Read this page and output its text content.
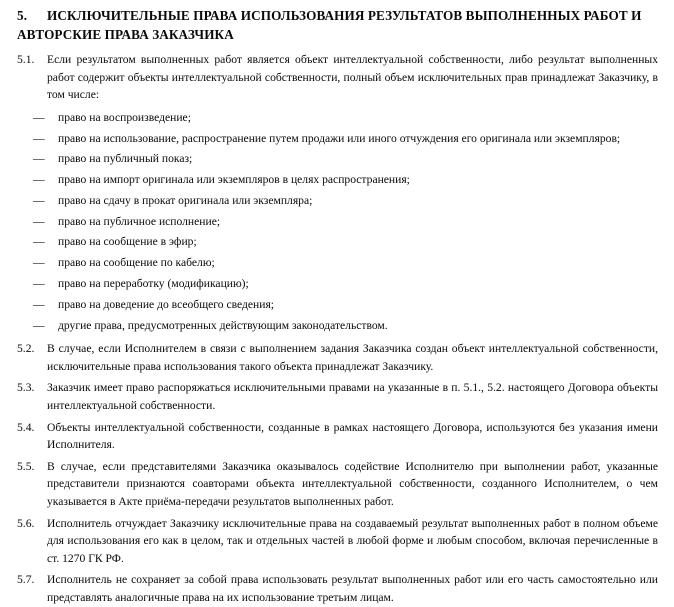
5. ИСКЛЮЧИТЕЛЬНЫЕ ПРАВА ИСПОЛЬЗОВАНИЯ РЕЗУЛЬТАТОВ ВЫПОЛНЕННЫХ РАБОТ И АВТОРСКИЕ ПРАВА ЗАКАЗЧИКА
5.1.	Если результатом выполненных работ является объект интеллектуальной собственности, либо результат выполненных работ содержит объекты интеллектуальной собственности, полный объем исключительных прав принадлежат Заказчику, в том числе:
—	право на воспроизведение;
—	право на использование, распространение путем продажи или иного отчуждения его оригинала или экземпляров;
—	право на публичный показ;
—	право на импорт оригинала или экземпляров в целях распространения;
—	право на сдачу в прокат оригинала или экземпляра;
—	право на публичное исполнение;
—	право на сообщение в эфир;
—	право на сообщение по кабелю;
—	право на переработку (модификацию);
—	право на доведение до всеобщего сведения;
—	другие права, предусмотренных действующим законодательством.
5.2.	В случае, если Исполнителем в связи с выполнением задания Заказчика создан объект интеллектуальной собственности, исключительные права использования такого объекта принадлежат Заказчику.
5.3.	Заказчик имеет право распоряжаться исключительными правами на указанные в п. 5.1., 5.2. настоящего Договора объекты интеллектуальной собственности.
5.4.	Объекты интеллектуальной собственности, созданные в рамках настоящего Договора, используются без указания имени Исполнителя.
5.5.	В случае, если представителями Заказчика оказывалось содействие Исполнителю при выполнении работ, указанные представители признаются соавторами объекта интеллектуальной собственности, созданного Исполнителем, о чем указывается в Акте приёма-передачи результатов выполненных работ.
5.6.	Исполнитель отчуждает Заказчику исключительные права на создаваемый результат выполненных работ в полном объеме для использования его как в целом, так и отдельных частей в любой форме и любым способом, включая перечисленные в ст. 1270 ГК РФ.
5.7.	Исполнитель не сохраняет за собой права использовать результат выполненных работ или его часть самостоятельно или представлять аналогичные права на их использование третьим лицам.
